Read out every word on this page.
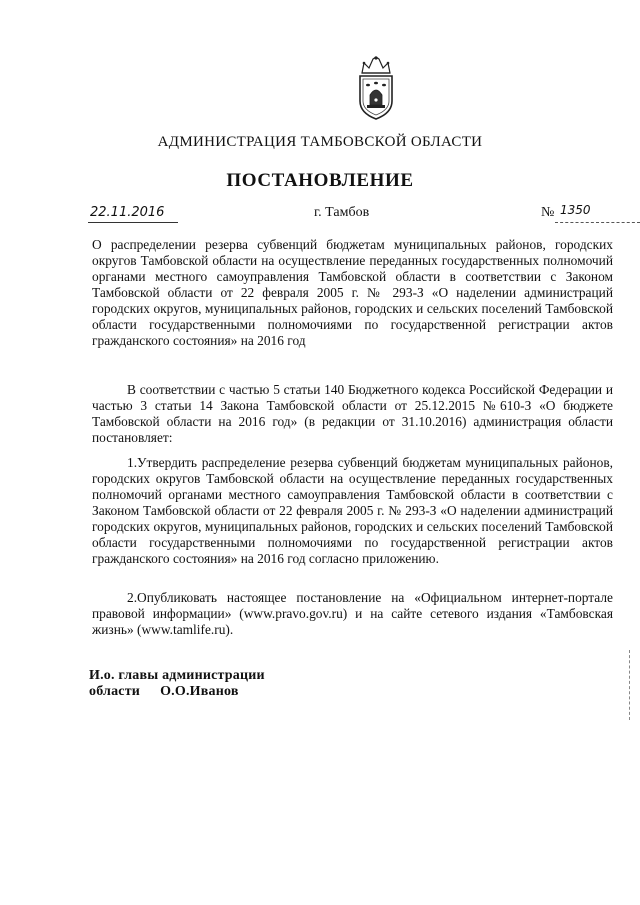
АДМИНИСТРАЦИЯ ТАМБОВСКОЙ ОБЛАСТИ
ПОСТАНОВЛЕНИЕ
22.11.2016	г. Тамбов	№ 1350
О распределении резерва субвенций бюджетам муниципальных районов, городских округов Тамбовской области на осуществление переданных государственных полномочий органами местного самоуправления Тамбовской области в соответствии с Законом Тамбовской области от 22 февраля 2005 г. № 293-З «О наделении администраций городских округов, муниципальных районов, городских и сельских поселений Тамбовской области государственными полномочиями по государственной регистрации актов гражданского состояния» на 2016 год
В соответствии с частью 5 статьи 140 Бюджетного кодекса Российской Федерации и частью 3 статьи 14 Закона Тамбовской области от 25.12.2015 №610-З «О бюджете Тамбовской области на 2016 год» (в редакции от 31.10.2016) администрация области постановляет:
1.Утвердить распределение резерва субвенций бюджетам муниципальных районов, городских округов Тамбовской области на осуществление переданных государственных полномочий органами местного самоуправления Тамбовской области в соответствии с Законом Тамбовской области от 22 февраля 2005 г. № 293-З «О наделении администраций городских округов, муниципальных районов, городских и сельских поселений Тамбовской области государственными полномочиями по государственной регистрации актов гражданского состояния» на 2016 год согласно приложению.
2.Опубликовать настоящее постановление на «Официальном интернет-портале правовой информации» (www.pravo.gov.ru) и на сайте сетевого издания «Тамбовская жизнь» (www.tamlife.ru).
И.о. главы администрации
области О.О.Иванов
